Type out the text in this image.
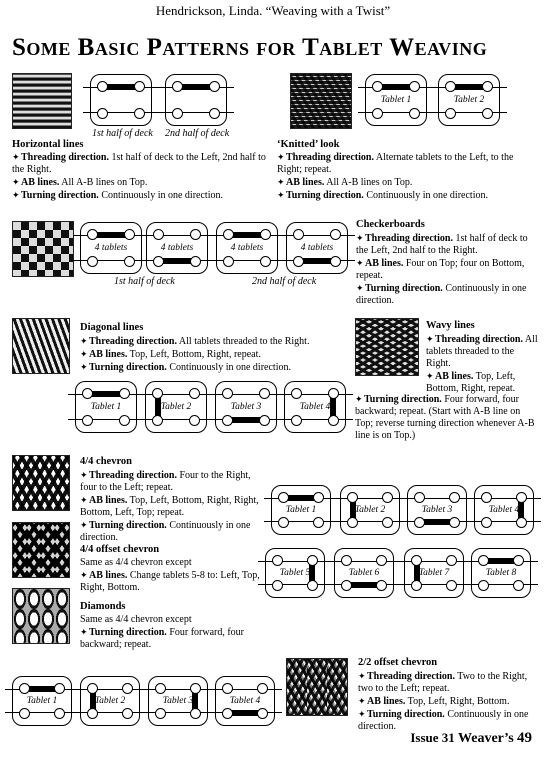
Hendrickson, Linda. “Weaving with a Twist”
Some Basic Patterns for Tablet Weaving
1st half of deck 2nd half of deck
Horizontal lines
✦Threading direction. 1st half of deck to the Left, 2nd half to the Right.
✦AB lines. All A-B lines on Top.
✦Turning direction. Continuously in one direction.
Tablet 1	Tablet 2
‘Knitted’ look
✦Threading direction. Alternate tablets to the Left, to the Right; repeat.
✦AB lines. All A-B lines on Top.
✦Turning direction. Continuously in one direction.
4 tablets	4 tablets	4 tablets	4 tablets
1st half of deck	2nd half of deck
Checkerboards
✦Threading direction. 1st half of deck to the Left, 2nd half to the Right.
✦AB lines. Four on Top; four on Bottom, repeat.
✦Turning direction. Continuously in one direction.
Diagonal lines
✦Threading direction. All tablets threaded to the Right.
✦AB lines. Top, Left, Bottom, Right, repeat.
✦Turning direction. Continuously in one direction.
Tablet 1	Tablet 2	Tablet 3	Tablet 4
Wavy lines
✦Threading direction. All tablets threaded to the Right.
✦AB lines. Top, Left, Bottom, Right, repeat.
✦Turning direction. Four forward, four backward; repeat. (Start with A-B line on Top; reverse turning direction whenever A-B line is on Top.)
4/4 chevron
✦Threading direction. Four to the Right, four to the Left; repeat.
✦AB lines. Top, Left, Bottom, Right, Right, Bottom, Left, Top; repeat.
✦Turning direction. Continuously in one direction.
4/4 offset chevron
Same as 4/4 chevron except
✦AB lines. Change tablets 5-8 to: Left, Top, Right, Bottom.
Diamonds
Same as 4/4 chevron except
✦Turning direction. Four forward, four backward; repeat.
Tablet 1	Tablet 2	Tablet 3	Tablet 4
Tablet 5	Tablet 6	Tablet 7	Tablet 8
2/2 offset chevron
✦Threading direction. Two to the Right, two to the Left; repeat.
✦AB lines. Top, Left, Right, Bottom.
✦Turning direction. Continuously in one direction.
Tablet 1	Tablet 2	Tablet 3	Tablet 4
Issue 31 Weaver’s 49
